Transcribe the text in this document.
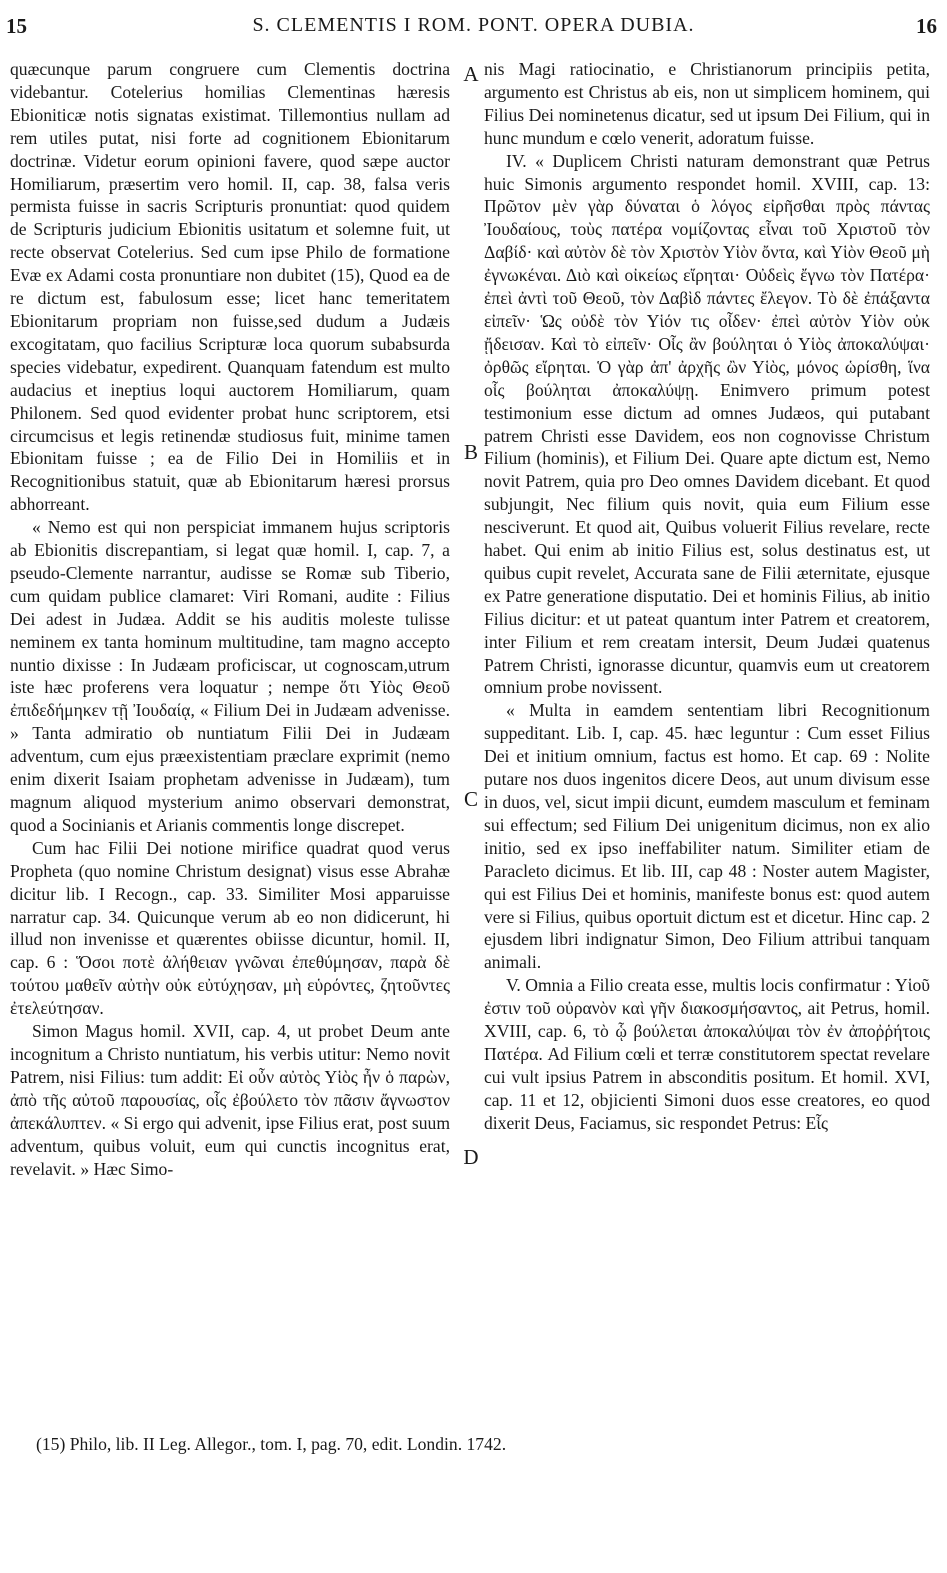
15	S. CLEMENTIS I ROM. PONT. OPERA DUBIA.	16

quæcunque parum congruere cum Clementis doctrina videbantur. Cotelerius homilias Clementinas hæresis Ebioniticæ notis signatas existimat. Tillemontius nullam ad rem utiles putat, nisi forte ad cognitionem Ebionitarum doctrinæ. Videtur eorum opinioni favere, quod sæpe auctor Homiliarum, præsertim vero homil. II, cap. 38, falsa veris permista fuisse in sacris Scripturis pronuntiat: quod quidem de Scripturis judicium Ebionitis usitatum et solemne fuit, ut recte observat Cotelerius. Sed cum ipse Philo de formatione Evæ ex Adami costa pronuntiare non dubitet (15), Quod ea de re dictum est, fabulosum esse; licet hanc temeritatem Ebionitarum propriam non fuisse,sed dudum a Judæis excogitatam, quo facilius Scripturæ loca quorum subabsurda species videbatur, expedirent. Quanquam fatendum est multo audacius et ineptius loqui auctorem Homiliarum, quam Philonem. Sed quod evidenter probat hunc scriptorem, etsi circumcisus et legis retinendæ studiosus fuit, minime tamen Ebionitam fuisse ; ea de Filio Dei in Homiliis et in Recognitionibus statuit, quæ ab Ebionitarum hæresi prorsus abhorreant.

« Nemo est qui non perspiciat immanem hujus scriptoris ab Ebionitis discrepantiam, si legat quæ homil. I, cap. 7, a pseudo-Clemente narrantur, audisse se Romæ sub Tiberio, cum quidam publice clamaret: Viri Romani, audite : Filius Dei adest in Judæa. Addit se his auditis moleste tulisse neminem ex tanta hominum multitudine, tam magno accepto nuntio dixisse : In Judæam proficiscar, ut cognoscam,utrum iste hæc proferens vera loquatur ; nempe ὅτι Υἱὸς Θεοῦ ἐπιδεδήμηκεν τῇ Ἰουδαίᾳ, « Filium Dei in Judæam advenisse. » Tanta admiratio ob nuntiatum Filii Dei in Judæam adventum, cum ejus præexistentiam præclare exprimit (nemo enim dixerit Isaiam prophetam advenisse in Judæam), tum magnum aliquod mysterium animo observari demonstrat, quod a Socinianis et Arianis commentis longe discrepet.

Cum hac Filii Dei notione mirifice quadrat quod verus Propheta (quo nomine Christum designat) visus esse Abrahæ dicitur lib. I Recogn., cap. 33. Similiter Mosi apparuisse narratur cap. 34. Quicunque verum ab eo non didicerunt, hi illud non invenisse et quærentes obiisse dicuntur, homil. II, cap. 6 : Ὅσοι ποτὲ ἀλήθειαν γνῶναι ἐπεθύμησαν, παρὰ δὲ τούτου μαθεῖν αὐτὴν οὐκ εὐτύχησαν, μὴ εὑρόντες, ζητοῦντες ἐτελεύτησαν.

Simon Magus homil. XVII, cap. 4, ut probet Deum ante incognitum a Christo nuntiatum, his verbis utitur: Nemo novit Patrem, nisi Filius: tum addit: Εἰ οὖν αὐτὸς Υἱὸς ἦν ὁ παρὼν, ἀπὸ τῆς αὐτοῦ παρουσίας, οἷς ἐβούλετο τὸν πᾶσιν ἄγνωστον ἀπεκάλυπτεν. « Si ergo qui advenit, ipse Filius erat, post suum adventum, quibus voluit, eum qui cunctis incognitus erat, revelavit. » Hæc Simo-

A
B
C
D

nis Magi ratiocinatio, e Christianorum principiis petita, argumento est Christus ab eis, non ut simplicem hominem, qui Filius Dei nominetenus dicatur, sed ut ipsum Dei Filium, qui in hunc mundum e cœlo venerit, adoratum fuisse.

IV. « Duplicem Christi naturam demonstrant quæ Petrus huic Simonis argumento respondet homil. XVIII, cap. 13: Πρῶτον μὲν γὰρ δύναται ὁ λόγος εἰρῆσθαι πρὸς πάντας Ἰουδαίους, τοὺς πατέρα νομίζοντας εἶναι τοῦ Χριστοῦ τὸν Δαβίδ· καὶ αὐτὸν δὲ τὸν Χριστὸν Υἱὸν ὄντα, καὶ Υἱὸν Θεοῦ μὴ ἐγνωκέναι. Διὸ καὶ οἰκείως εἴρηται· Οὐδεὶς ἔγνω τὸν Πατέρα· ἐπεὶ ἀντὶ τοῦ Θεοῦ, τὸν Δαβὶδ πάντες ἔλεγον. Τὸ δὲ ἐπάξαντα εἰπεῖν· Ὡς οὐδὲ τὸν Υἱόν τις οἶδεν· ἐπεὶ αὐτὸν Υἱὸν οὐκ ᾔδεισαν. Καὶ τὸ εἰπεῖν· Οἷς ἂν βούληται ὁ Υἱὸς ἀποκαλύψαι· ὀρθῶς εἴρηται. Ὁ γὰρ ἀπ' ἀρχῆς ὢν Υἱὸς, μόνος ὡρίσθη, ἵνα οἷς βούληται ἀποκαλύψῃ. Enimvero primum potest testimonium esse dictum ad omnes Judæos, qui putabant patrem Christi esse Davidem, eos non cognovisse Christum Filium (hominis), et Filium Dei. Quare apte dictum est, Nemo novit Patrem, quia pro Deo omnes Davidem dicebant. Et quod subjungit, Nec filium quis novit, quia eum Filium esse nesciverunt. Et quod ait, Quibus voluerit Filius revelare, recte habet. Qui enim ab initio Filius est, solus destinatus est, ut quibus cupit revelet, Accurata sane de Filii æternitate, ejusque ex Patre generatione disputatio. Dei et hominis Filius, ab initio Filius dicitur: et ut pateat quantum inter Patrem et creatorem, inter Filium et rem creatam intersit, Deum Judæi quatenus Patrem Christi, ignorasse dicuntur, quamvis eum ut creatorem omnium probe novissent.

« Multa in eamdem sententiam libri Recognitionum suppeditant. Lib. I, cap. 45. hæc leguntur : Cum esset Filius Dei et initium omnium, factus est homo. Et cap. 69 : Nolite putare nos duos ingenitos dicere Deos, aut unum divisum esse in duos, vel, sicut impii dicunt, eumdem masculum et feminam sui effectum; sed Filium Dei unigenitum dicimus, non ex alio initio, sed ex ipso ineffabiliter natum. Similiter etiam de Paracleto dicimus. Et lib. III, cap 48 : Noster autem Magister, qui est Filius Dei et hominis, manifeste bonus est: quod autem vere si Filius, quibus oportuit dictum est et dicetur. Hinc cap. 2 ejusdem libri indignatur Simon, Deo Filium attribui tanquam animali.

V. Omnia a Filio creata esse, multis locis confirmatur : Υἱοῦ ἐστιν τοῦ οὐρανὸν καὶ γῆν διακοσμήσαντος, ait Petrus, homil. XVIII, cap. 6, τὸ ᾧ βούλεται ἀποκαλύψαι τὸν ἐν ἀποῤῥήτοις Πατέρα. Ad Filium cœli et terræ constitutorem spectat revelare cui vult ipsius Patrem in absconditis positum. Et homil. XVI, cap. 11 et 12, objicienti Simoni duos esse creatores, eo quod dixerit Deus, Faciamus, sic respondet Petrus: Εἷς

(15) Philo, lib. II Leg. Allegor., tom. I, pag. 70, edit. Londin. 1742.
